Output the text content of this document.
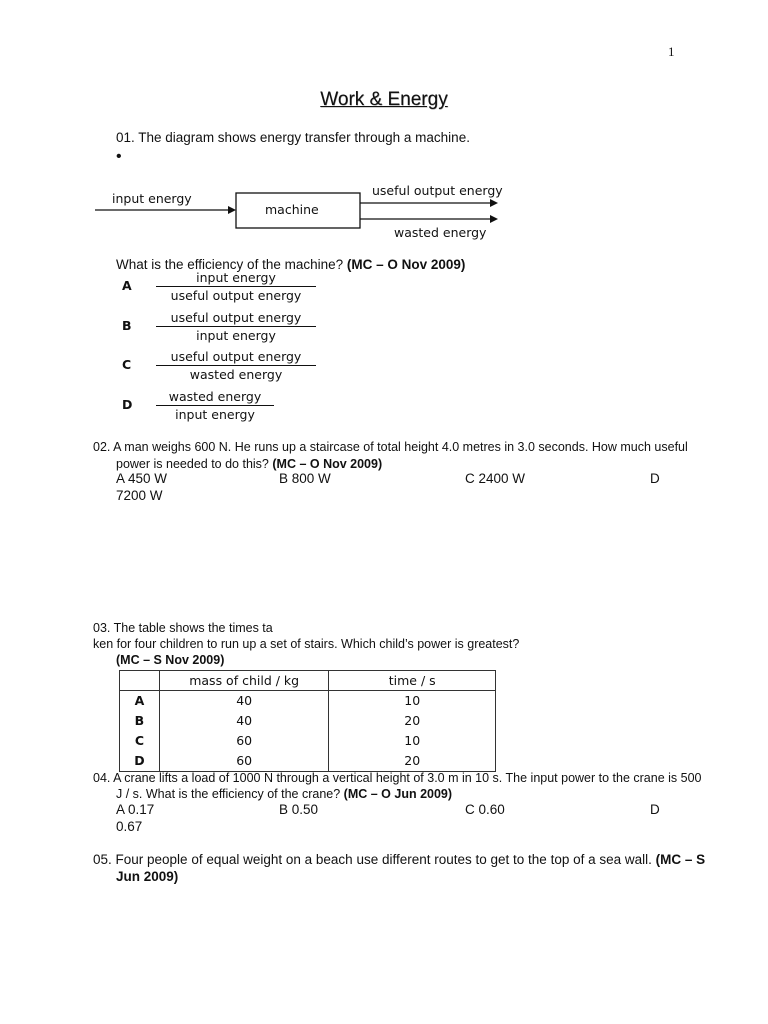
1
Work & Energy
01. The diagram shows energy transfer through a machine.
•
input energy
machine
useful output energy
wasted energy
What is the efficiency of the machine? (MC – O Nov 2009)
A
input energy
useful output energy
B
useful output energy
input energy
C
useful output energy
wasted energy
D
wasted energy
input energy
02. A man weighs 600 N. He runs up a staircase of total height 4.0 metres in 3.0 seconds. How much useful
power is needed to do this? (MC – O Nov 2009)
A 450 W	B 800 W	C 2400 W	D
7200 W
03. The table shows the times ta
ken for four children to run up a set of stairs. Which child’s power is greatest?
(MC – S Nov 2009)
	mass of child / kg	time / s
A	40	10
B	40	20
C	60	10
D	60	20
04. A crane lifts a load of 1000 N through a vertical height of 3.0 m in 10 s. The input power to the crane is 500
J / s. What is the efficiency of the crane? (MC – O Jun 2009)
A 0.17	B 0.50	C 0.60	D
0.67
05. Four people of equal weight on a beach use different routes to get to the top of a sea wall. (MC – S
Jun 2009)
